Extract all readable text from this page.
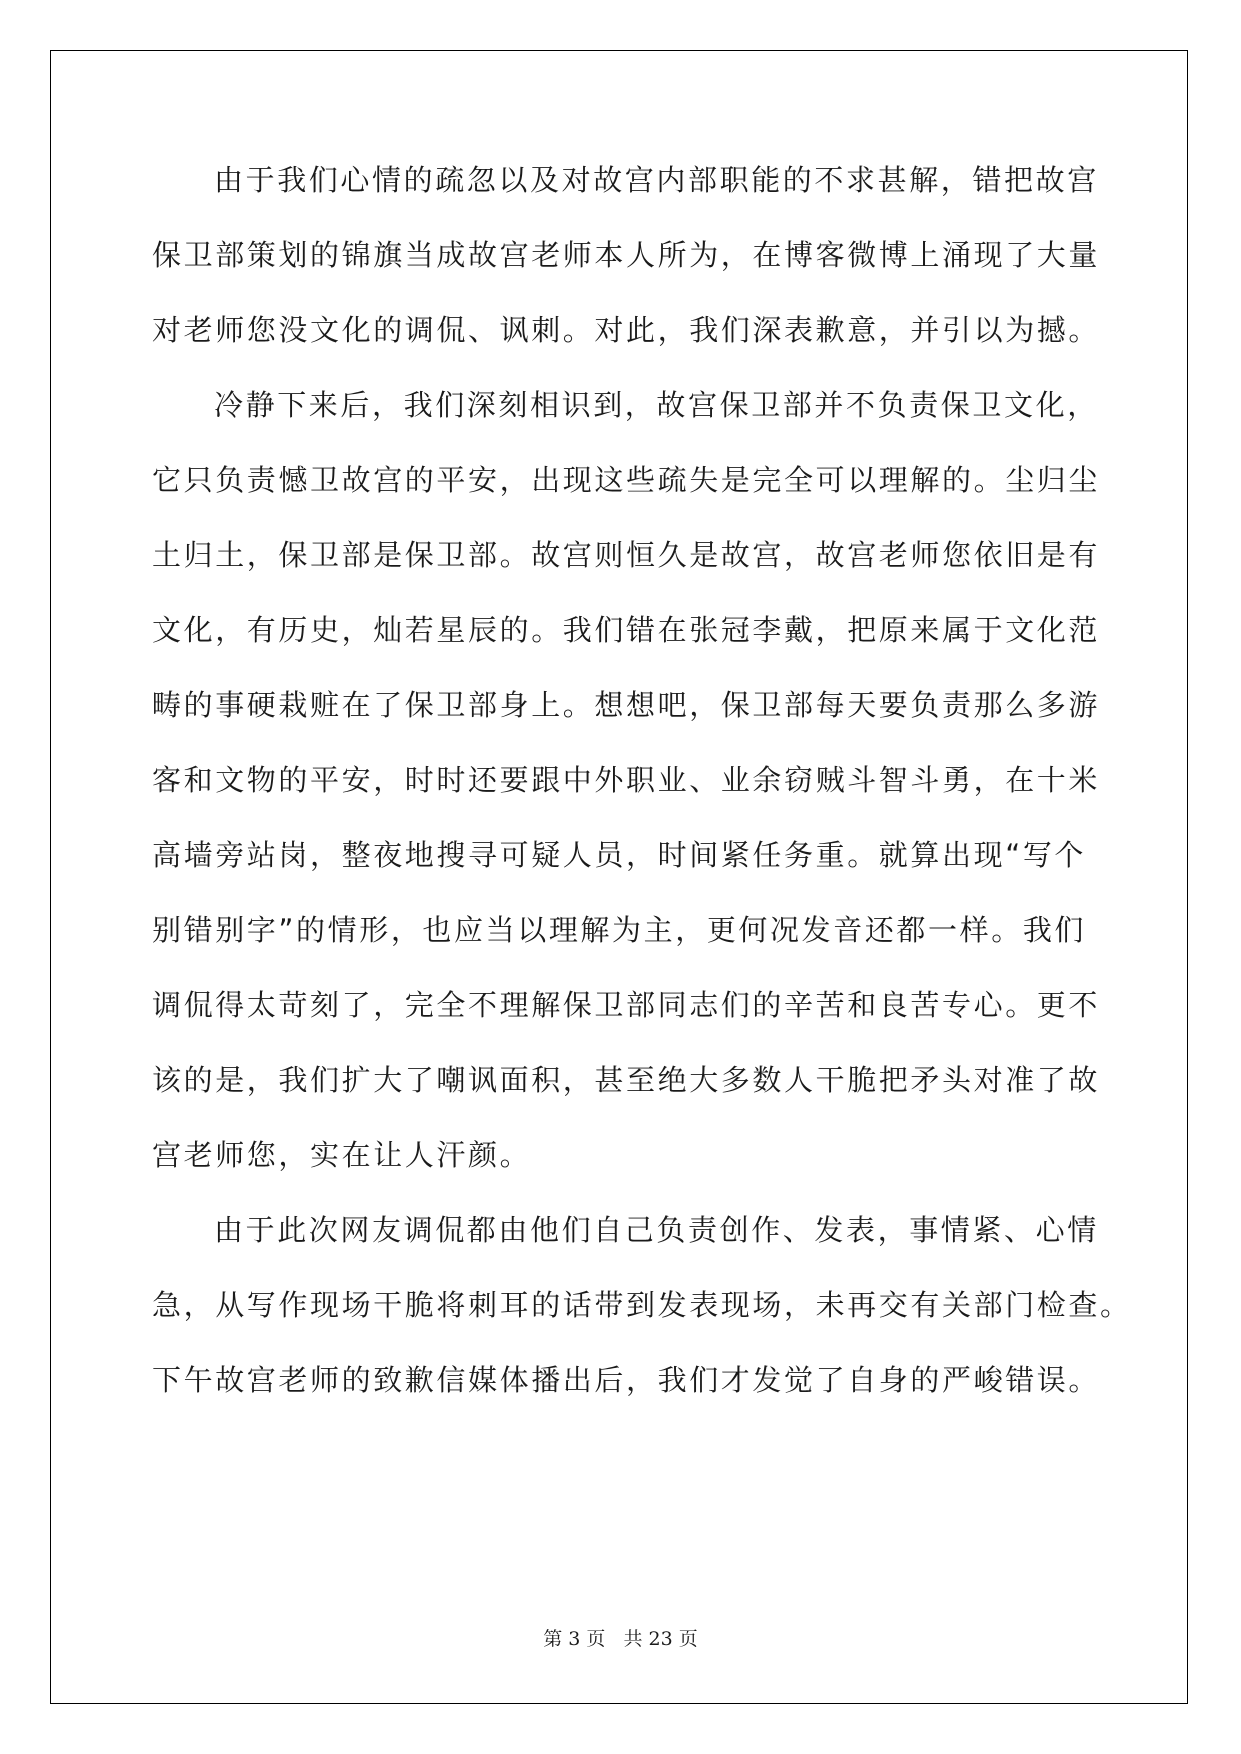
由于我们心情的疏忽以及对故宫内部职能的不求甚解，错把故宫
保卫部策划的锦旗当成故宫老师本人所为，在博客微博上涌现了大量
对老师您没文化的调侃、讽刺。对此，我们深表歉意，并引以为撼。
冷静下来后，我们深刻相识到，故宫保卫部并不负责保卫文化，
它只负责憾卫故宫的平安，出现这些疏失是完全可以理解的。尘归尘
土归土，保卫部是保卫部。故宫则恒久是故宫，故宫老师您依旧是有
文化，有历史，灿若星辰的。我们错在张冠李戴，把原来属于文化范
畴的事硬栽赃在了保卫部身上。想想吧，保卫部每天要负责那么多游
客和文物的平安，时时还要跟中外职业、业余窃贼斗智斗勇，在十米
高墙旁站岗，整夜地搜寻可疑人员，时间紧任务重。就算出现“写个
别错别字”的情形，也应当以理解为主，更何况发音还都一样。我们
调侃得太苛刻了，完全不理解保卫部同志们的辛苦和良苦专心。更不
该的是，我们扩大了嘲讽面积，甚至绝大多数人干脆把矛头对准了故
宫老师您，实在让人汗颜。
由于此次网友调侃都由他们自己负责创作、发表，事情紧、心情
急，从写作现场干脆将刺耳的话带到发表现场，未再交有关部门检查。
下午故宫老师的致歉信媒体播出后，我们才发觉了自身的严峻错误。
第 3 页 共 23 页
